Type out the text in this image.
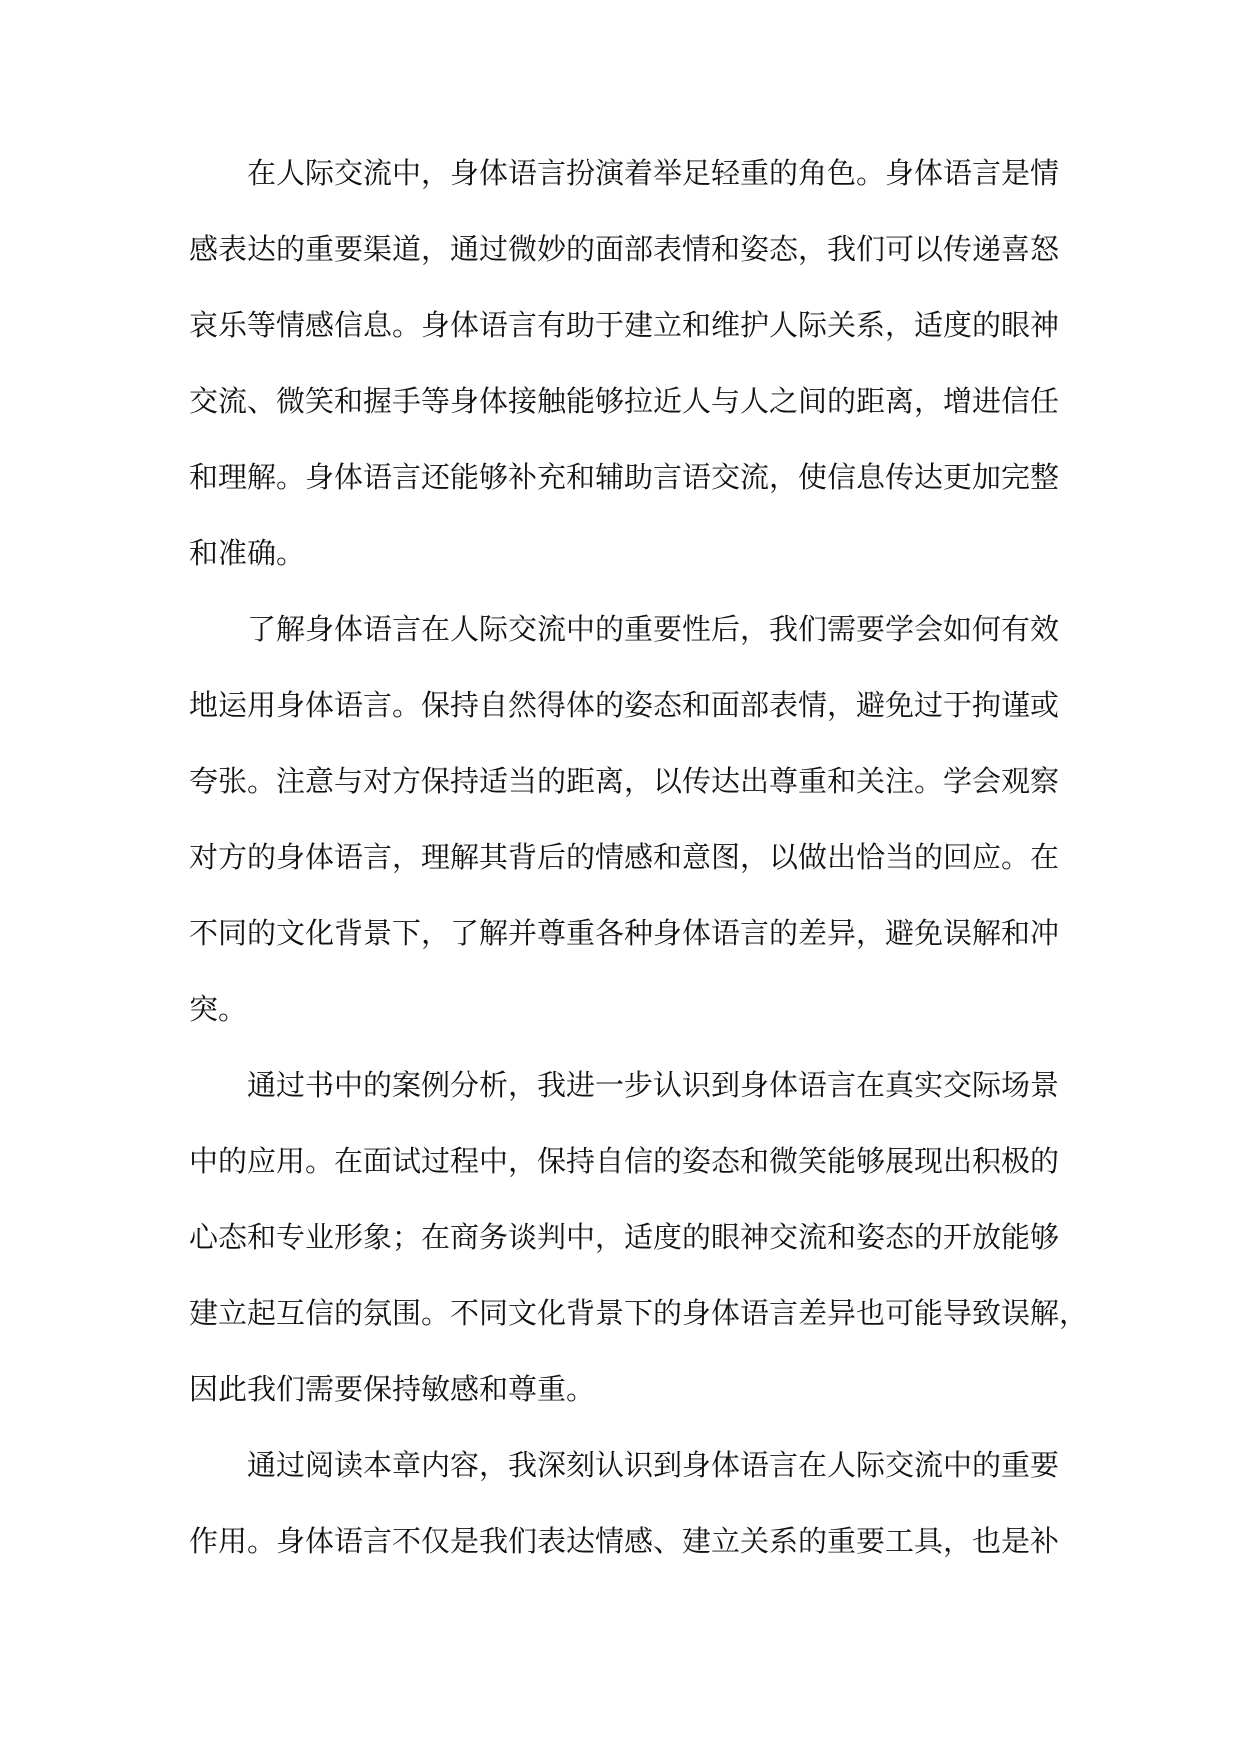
在人际交流中，身体语言扮演着举足轻重的角色。身体语言是情
感表达的重要渠道，通过微妙的面部表情和姿态，我们可以传递喜怒
哀乐等情感信息。身体语言有助于建立和维护人际关系，适度的眼神
交流、微笑和握手等身体接触能够拉近人与人之间的距离，增进信任
和理解。身体语言还能够补充和辅助言语交流，使信息传达更加完整
和准确。
了解身体语言在人际交流中的重要性后，我们需要学会如何有效
地运用身体语言。保持自然得体的姿态和面部表情，避免过于拘谨或
夸张。注意与对方保持适当的距离，以传达出尊重和关注。学会观察
对方的身体语言，理解其背后的情感和意图，以做出恰当的回应。在
不同的文化背景下，了解并尊重各种身体语言的差异，避免误解和冲
突。
通过书中的案例分析，我进一步认识到身体语言在真实交际场景
中的应用。在面试过程中，保持自信的姿态和微笑能够展现出积极的
心态和专业形象；在商务谈判中，适度的眼神交流和姿态的开放能够
建立起互信的氛围。不同文化背景下的身体语言差异也可能导致误解，
因此我们需要保持敏感和尊重。
通过阅读本章内容，我深刻认识到身体语言在人际交流中的重要
作用。身体语言不仅是我们表达情感、建立关系的重要工具，也是补
